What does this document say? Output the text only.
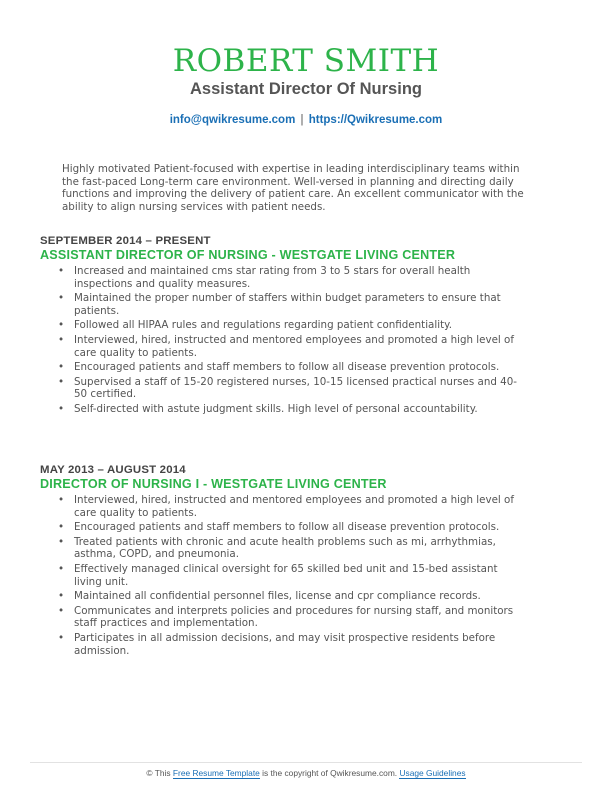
ROBERT SMITH
Assistant Director Of Nursing
info@qwikresume.com | https://Qwikresume.com
Highly motivated Patient-focused with expertise in leading interdisciplinary teams within the fast-paced Long-term care environment. Well-versed in planning and directing daily functions and improving the delivery of patient care. An excellent communicator with the ability to align nursing services with patient needs.
SEPTEMBER 2014 – PRESENT
ASSISTANT DIRECTOR OF NURSING - WESTGATE LIVING CENTER
• Increased and maintained cms star rating from 3 to 5 stars for overall health inspections and quality measures.
• Maintained the proper number of staffers within budget parameters to ensure that patients.
• Followed all HIPAA rules and regulations regarding patient confidentiality.
• Interviewed, hired, instructed and mentored employees and promoted a high level of care quality to patients.
• Encouraged patients and staff members to follow all disease prevention protocols.
• Supervised a staff of 15-20 registered nurses, 10-15 licensed practical nurses and 40-50 certified.
• Self-directed with astute judgment skills. High level of personal accountability.
MAY 2013 – AUGUST 2014
DIRECTOR OF NURSING I - WESTGATE LIVING CENTER
• Interviewed, hired, instructed and mentored employees and promoted a high level of care quality to patients.
• Encouraged patients and staff members to follow all disease prevention protocols.
• Treated patients with chronic and acute health problems such as mi, arrhythmias, asthma, COPD, and pneumonia.
• Effectively managed clinical oversight for 65 skilled bed unit and 15-bed assistant living unit.
• Maintained all confidential personnel files, license and cpr compliance records.
• Communicates and interprets policies and procedures for nursing staff, and monitors staff practices and implementation.
• Participates in all admission decisions, and may visit prospective residents before admission.
© This Free Resume Template is the copyright of Qwikresume.com. Usage Guidelines
